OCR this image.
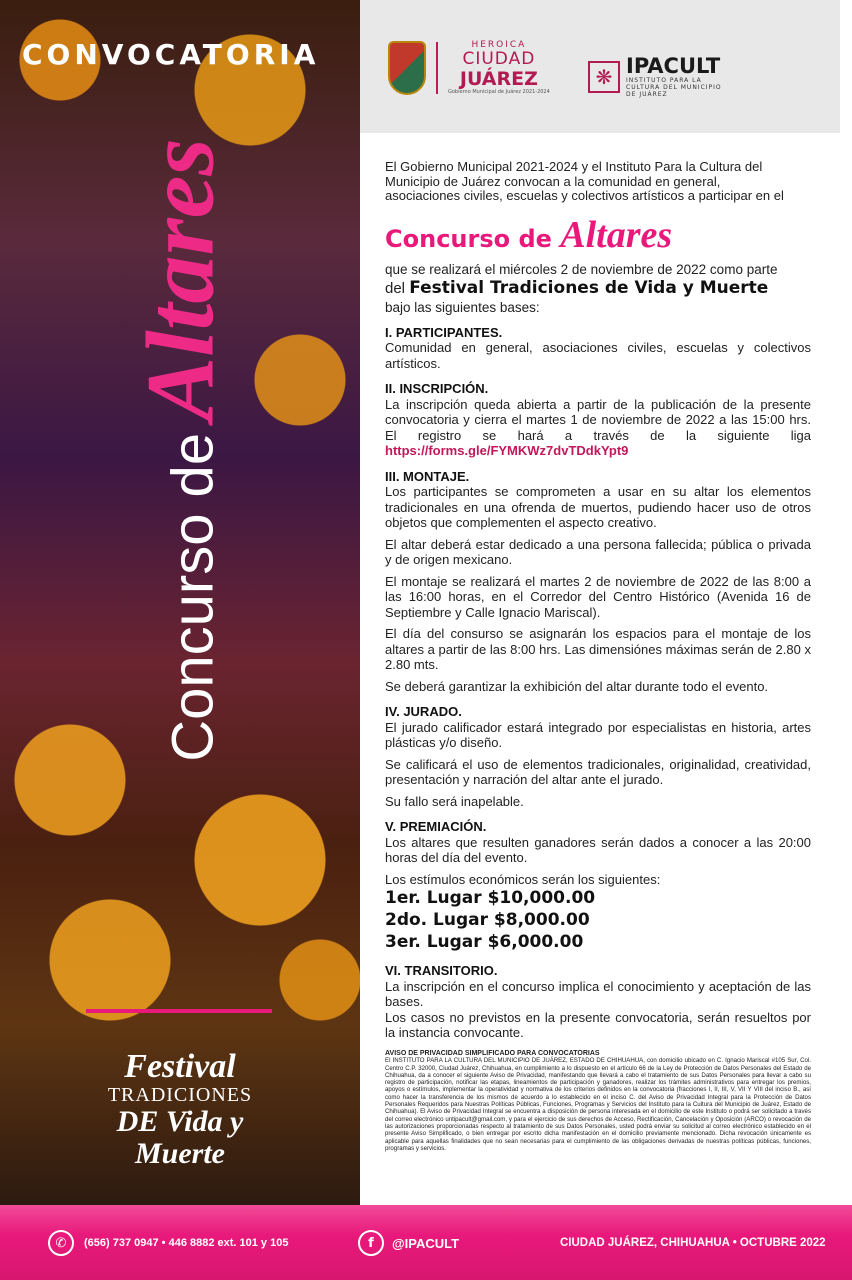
CONVOCATORIA
Concurso deAltares
Festival
TRADICIONES
DE Vida y Muerte
HEROICA
CIUDAD
JUÁREZ
Gobierno Municipal de Juárez 2021-2024
❋ IPACULT
INSTITUTO PARA LA CULTURA DEL MUNICIPIO DE JUÁREZ
El Gobierno Municipal 2021-2024 y el Instituto Para la Cultura del Municipio de Juárez convocan a la comunidad en general, asociaciones civiles, escuelas y colectivos artísticos a participar en el
Concurso de Altares
que se realizará el miércoles 2 de noviembre de 2022 como parte
del Festival Tradiciones de Vida y Muerte
bajo las siguientes bases:
I. PARTICIPANTES.
Comunidad en general, asociaciones civiles, escuelas y colectivos artísticos.
II. INSCRIPCIÓN.
La inscripción queda abierta a partir de la publicación de la presente convocatoria y cierra el martes 1 de noviembre de 2022 a las 15:00 hrs. El registro se hará a través de la siguiente liga https://forms.gle/FYMKWz7dvTDdkYpt9
III. MONTAJE.
Los participantes se comprometen a usar en su altar los elementos tradicionales en una ofrenda de muertos, pudiendo hacer uso de otros objetos que complementen el aspecto creativo.
El altar deberá estar dedicado a una persona fallecida; pública o privada y de origen mexicano.
El montaje se realizará el martes 2 de noviembre de 2022 de las 8:00 a las 16:00 horas, en el Corredor del Centro Histórico (Avenida 16 de Septiembre y Calle Ignacio Mariscal).
El día del consurso se asignarán los espacios para el montaje de los altares a partir de las 8:00 hrs. Las dimensiónes máximas serán de 2.80 x 2.80 mts.
Se deberá garantizar la exhibición del altar durante todo el evento.
IV. JURADO.
El jurado calificador estará integrado por especialistas en historia, artes plásticas y/o diseño.
Se calificará el uso de elementos tradicionales, originalidad, creatividad, presentación y narración del altar ante el jurado.
Su fallo será inapelable.
V. PREMIACIÓN.
Los altares que resulten ganadores serán dados a conocer a las 20:00 horas del día del evento.
Los estímulos económicos serán los siguientes:
1er. Lugar $10,000.00
2do. Lugar $8,000.00
3er. Lugar $6,000.00
VI. TRANSITORIO.
La inscripción en el concurso implica el conocimiento y aceptación de las bases.
Los casos no previstos en la presente convocatoria, serán resueltos por la instancia convocante.
AVISO DE PRIVACIDAD SIMPLIFICADO PARA CONVOCATORIAS
El INSTITUTO PARA LA CULTURA DEL MUNICIPIO DE JUÁREZ, ESTADO DE CHIHUAHUA, con domicilio ubicado en C. Ignacio Mariscal #105 Sur, Col. Centro C.P. 32000, Ciudad Juárez, Chihuahua, en cumplimiento a lo dispuesto en el artículo 66 de la Ley de Protección de Datos Personales del Estado de Chihuahua, da a conocer el siguiente Aviso de Privacidad, manifestando que llevará a cabo el tratamiento de sus Datos Personales para llevar a cabo su registro de participación, notificar las etapas, lineamientos de participación y ganadores, realizar los trámites administrativos para entregar los premios, apoyos o estímulos, implementar la operatividad y normativa de los criterios definidos en la convocatoria (fracciones I, II, III, V, VII Y VIII del inciso B., así como hacer la transferencia de los mismos de acuerdo a lo establecido en el inciso C. del Aviso de Privacidad Integral para la Protección de Datos Personales Requeridos para Nuestras Políticas Públicas, Funciones, Programas y Servicios del Instituto para la Cultura del Municipio de Juárez, Estado de Chihuahua). El Aviso de Privacidad Integral se encuentra a disposición de persona interesada en el domicilio de este Instituto o podrá ser solicitado a través del correo electrónico untipacult@gmail.com, y para el ejercicio de sus derechos de Acceso, Rectificación, Cancelación y Oposición (ARCO) o revocación de las autorizaciones proporcionadas respecto al tratamiento de sus Datos Personales, usted podrá enviar su solicitud al correo electrónico establecido en el presente Aviso Simplificado, o bien entregar por escrito dicha manifestación en el domicilio previamente mencionado. Dicha revocación únicamente es aplicable para aquellas finalidades que no sean necesarias para el cumplimiento de las obligaciones derivadas de nuestras políticas públicas, funciones, programas y servicios.
✆	(656) 737 0947 • 446 8882 ext. 101 y 105	f	@IPACULT	CIUDAD JUÁREZ, CHIHUAHUA • OCTUBRE 2022
